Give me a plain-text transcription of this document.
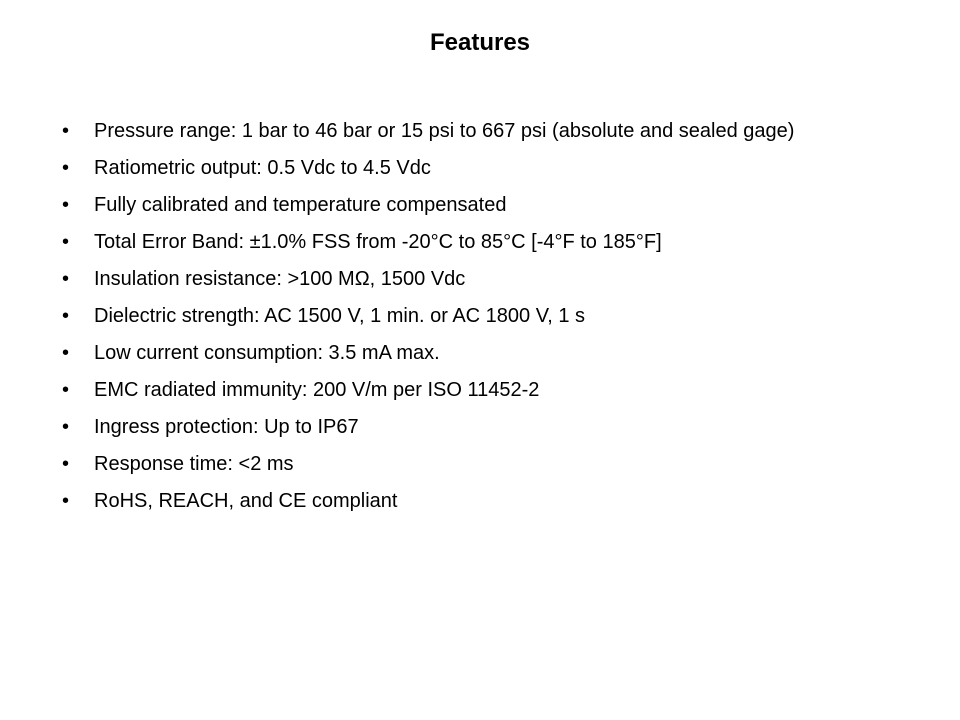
Features
• Pressure range: 1 bar to 46 bar or 15 psi to 667 psi (absolute and sealed gage)
• Ratiometric output: 0.5 Vdc to 4.5 Vdc
• Fully calibrated and temperature compensated
• Total Error Band: ±1.0% FSS from -20°C to 85°C [-4°F to 185°F]
• Insulation resistance: >100 MΩ, 1500 Vdc
• Dielectric strength: AC 1500 V, 1 min. or AC 1800 V, 1 s
• Low current consumption: 3.5 mA max.
• EMC radiated immunity: 200 V/m per ISO 11452-2
• Ingress protection: Up to IP67
• Response time: <2 ms
• RoHS, REACH, and CE compliant
